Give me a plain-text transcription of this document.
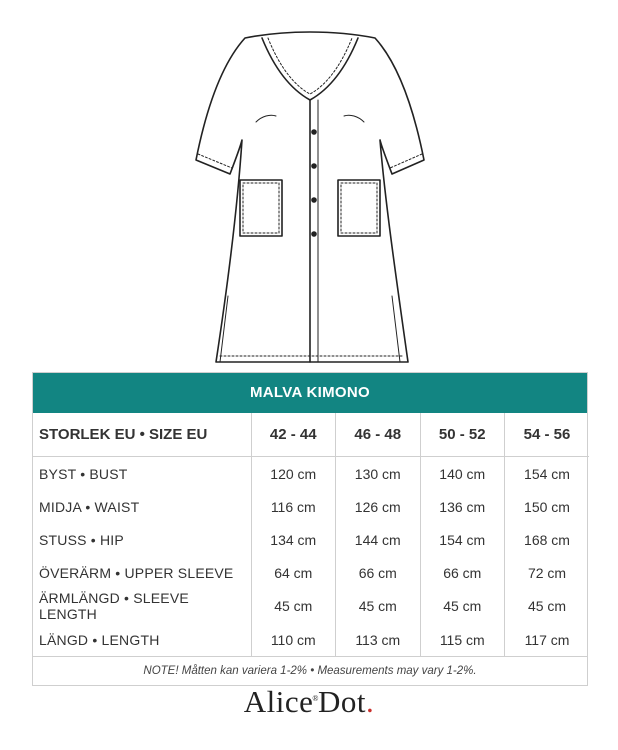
MALVA KIMONO
STORLEK EU • SIZE EU	42 - 44	46 - 48	50 - 52	54 - 56
BYST • BUST	120 cm	130 cm	140 cm	154 cm
MIDJA • WAIST	116 cm	126 cm	136 cm	150 cm
STUSS • HIP	134 cm	144 cm	154 cm	168 cm
ÖVERÄRM • UPPER SLEEVE	64 cm	66 cm	66 cm	72 cm
ÄRMLÄNGD • SLEEVE LENGTH	45 cm	45 cm	45 cm	45 cm
LÄNGD • LENGTH	110 cm	113 cm	115 cm	117 cm
NOTE! Måtten kan variera 1-2% • Measurements may vary 1-2%.
Alice®Dot.
